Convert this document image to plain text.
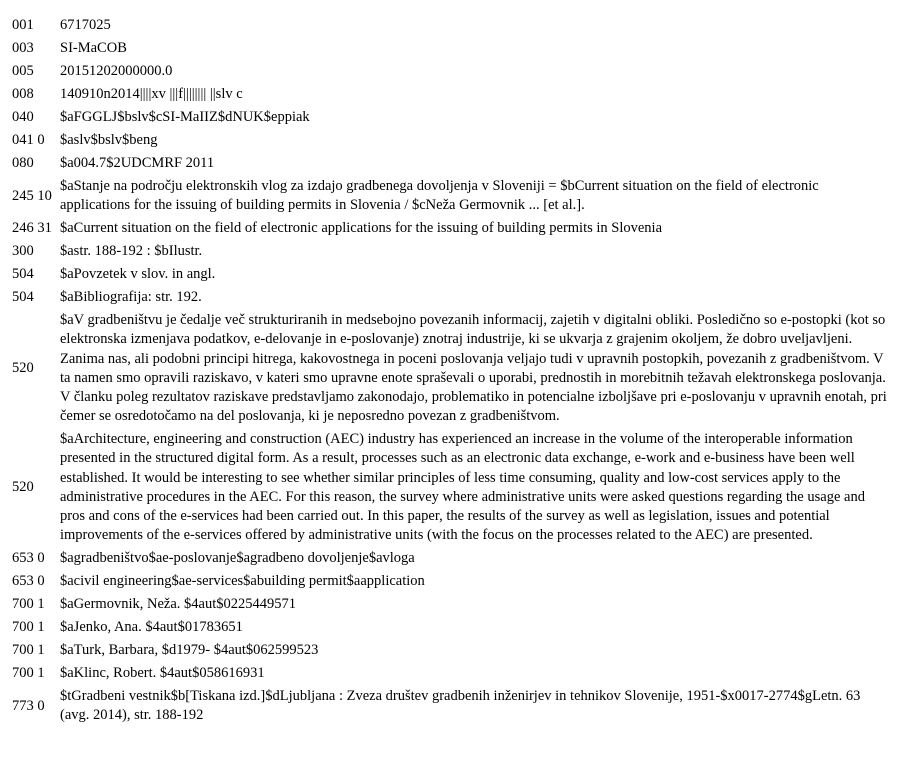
001	6717025

003	SI-MaCOB

005	20151202000000.0

008	140910n2014||||xv |||f|||||||| ||slv c

040	$aFGGLJ$bslv$cSI-MaIIZ$dNUK$eppiak

041 0	$aslv$bslv$beng

080	$a004.7$2UDCMRF 2011

245 10	$aStanje na področju elektronskih vlog za izdajo gradbenega dovoljenja v Sloveniji = $bCurrent situation on the field of electronic applications for the issuing of building permits in Slovenia / $cNeža Germovnik ... [et al.].

246 31	$aCurrent situation on the field of electronic applications for the issuing of building permits in Slovenia

300	$astr. 188-192 : $bIlustr.

504	$aPovzetek v slov. in angl.

504	$aBibliografija: str. 192.

520	$aV gradbeništvu je čedalje več strukturiranih in medsebojno povezanih informacij, zajetih v digitalni obliki. Posledično so e-postopki (kot so elektronska izmenjava podatkov, e-delovanje in e-poslovanje) znotraj industrije, ki se ukvarja z grajenim okoljem, že dobro uveljavljeni. Zanima nas, ali podobni principi hitrega, kakovostnega in poceni poslovanja veljajo tudi v upravnih postopkih, povezanih z gradbeništvom. V ta namen smo opravili raziskavo, v kateri smo upravne enote spraševali o uporabi, prednostih in morebitnih težavah elektronskega poslovanja. V članku poleg rezultatov raziskave predstavljamo zakonodajo, problematiko in potencialne izboljšave pri e-poslovanju v upravnih enotah, pri čemer se osredotočamo na del poslovanja, ki je neposredno povezan z gradbeništvom.

520	$aArchitecture, engineering and construction (AEC) industry has experienced an increase in the volume of the interoperable information presented in the structured digital form. As a result, processes such as an electronic data exchange, e-work and e-business have been well established. It would be interesting to see whether similar principles of less time consuming, quality and low-cost services apply to the administrative procedures in the AEC. For this reason, the survey where administrative units were asked questions regarding the usage and pros and cons of the e-services had been carried out. In this paper, the results of the survey as well as legislation, issues and potential improvements of the e-services offered by administrative units (with the focus on the processes related to the AEC) are presented.

653 0	$agradbeništvo$ae-poslovanje$agradbeno dovoljenje$avloga

653 0	$acivil engineering$ae-services$abuilding permit$aapplication

700 1	$aGermovnik, Neža. $4aut$0225449571

700 1	$aJenko, Ana. $4aut$01783651

700 1	$aTurk, Barbara, $d1979- $4aut$062599523

700 1	$aKlinc, Robert. $4aut$058616931

773 0	$tGradbeni vestnik$b[Tiskana izd.]$dLjubljana : Zveza društev gradbenih inženirjev in tehnikov Slovenije, 1951-$x0017-2774$gLetn. 63 (avg. 2014), str. 188-192
